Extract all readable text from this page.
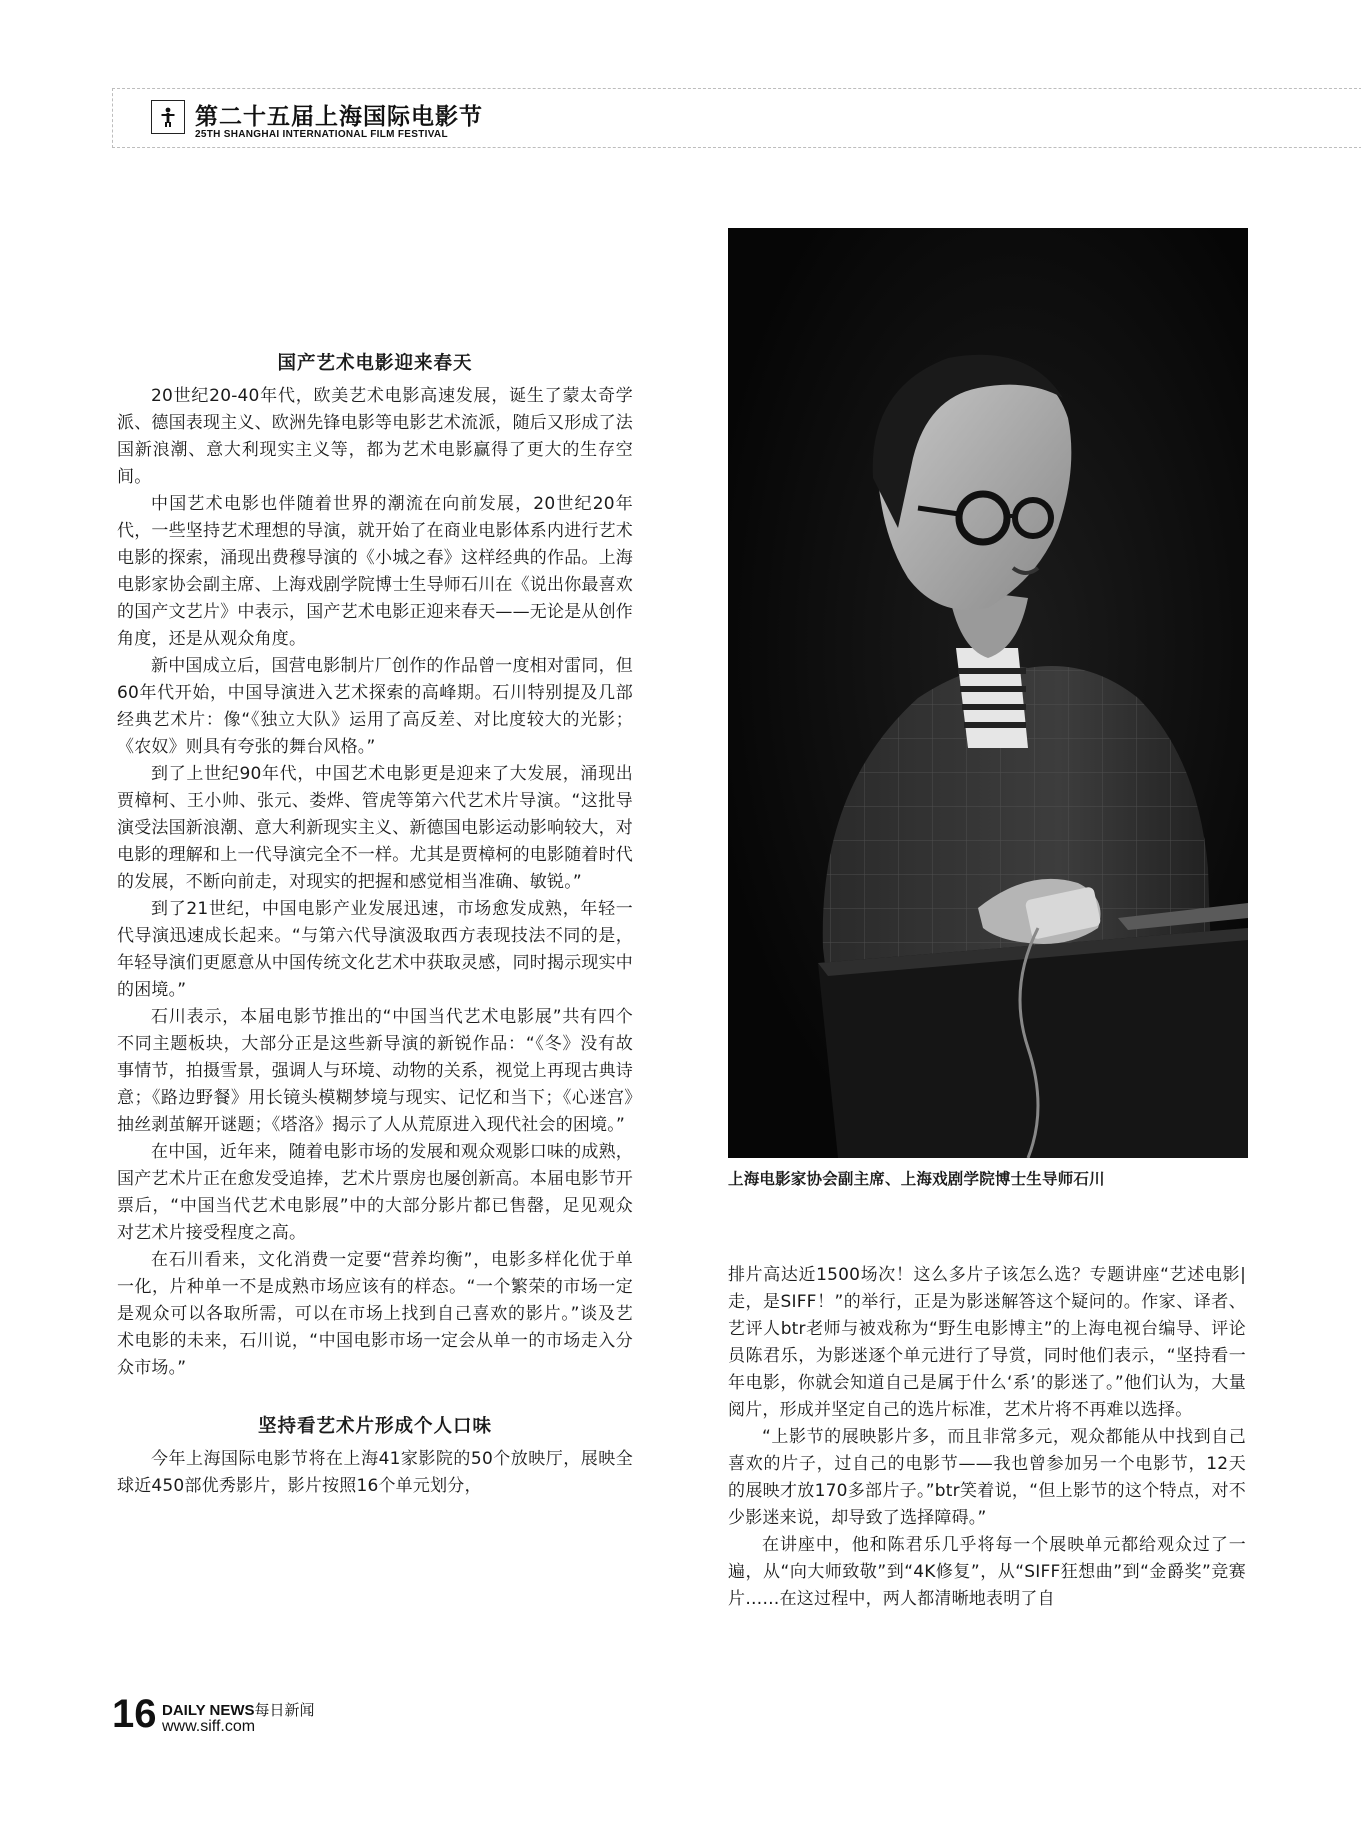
第二十五届上海国际电影节
25TH SHANGHAI INTERNATIONAL FILM FESTIVAL
国产艺术电影迎来春天

20世纪20-40年代，欧美艺术电影高速发展，诞生了蒙太奇学派、德国表现主义、欧洲先锋电影等电影艺术流派，随后又形成了法国新浪潮、意大利现实主义等，都为艺术电影赢得了更大的生存空间。

中国艺术电影也伴随着世界的潮流在向前发展，20世纪20年代，一些坚持艺术理想的导演，就开始了在商业电影体系内进行艺术电影的探索，涌现出费穆导演的《小城之春》这样经典的作品。上海电影家协会副主席、上海戏剧学院博士生导师石川在《说出你最喜欢的国产文艺片》中表示，国产艺术电影正迎来春天——无论是从创作角度，还是从观众角度。

新中国成立后，国营电影制片厂创作的作品曾一度相对雷同，但60年代开始，中国导演进入艺术探索的高峰期。石川特别提及几部经典艺术片：像“《独立大队》运用了高反差、对比度较大的光影；《农奴》则具有夸张的舞台风格。”

到了上世纪90年代，中国艺术电影更是迎来了大发展，涌现出贾樟柯、王小帅、张元、娄烨、管虎等第六代艺术片导演。“这批导演受法国新浪潮、意大利新现实主义、新德国电影运动影响较大，对电影的理解和上一代导演完全不一样。尤其是贾樟柯的电影随着时代的发展，不断向前走，对现实的把握和感觉相当准确、敏锐。”

到了21世纪，中国电影产业发展迅速，市场愈发成熟，年轻一代导演迅速成长起来。“与第六代导演汲取西方表现技法不同的是，年轻导演们更愿意从中国传统文化艺术中获取灵感，同时揭示现实中的困境。”

石川表示，本届电影节推出的“中国当代艺术电影展”共有四个不同主题板块，大部分正是这些新导演的新锐作品：“《冬》没有故事情节，拍摄雪景，强调人与环境、动物的关系，视觉上再现古典诗意；《路边野餐》用长镜头模糊梦境与现实、记忆和当下；《心迷宫》抽丝剥茧解开谜题；《塔洛》揭示了人从荒原进入现代社会的困境。”

在中国，近年来，随着电影市场的发展和观众观影口味的成熟，国产艺术片正在愈发受追捧，艺术片票房也屡创新高。本届电影节开票后，“中国当代艺术电影展”中的大部分影片都已售罄，足见观众对艺术片接受程度之高。

在石川看来，文化消费一定要“营养均衡”，电影多样化优于单一化，片种单一不是成熟市场应该有的样态。“一个繁荣的市场一定是观众可以各取所需，可以在市场上找到自己喜欢的影片。”谈及艺术电影的未来，石川说，“中国电影市场一定会从单一的市场走入分众市场。”

坚持看艺术片形成个人口味

今年上海国际电影节将在上海41家影院的50个放映厅，展映全球近450部优秀影片，影片按照16个单元划分，

上海电影家协会副主席、上海戏剧学院博士生导师石川

排片高达近1500场次！这么多片子该怎么选？专题讲座“艺述电影|走，是SIFF！”的举行，正是为影迷解答这个疑问的。作家、译者、艺评人btr老师与被戏称为“野生电影博主”的上海电视台编导、评论员陈君乐，为影迷逐个单元进行了导赏，同时他们表示，“坚持看一年电影，你就会知道自己是属于什么‘系’的影迷了。”他们认为，大量阅片，形成并坚定自己的选片标准，艺术片将不再难以选择。

“上影节的展映影片多，而且非常多元，观众都能从中找到自己喜欢的片子，过自己的电影节——我也曾参加另一个电影节，12天的展映才放170多部片子。”btr笑着说，“但上影节的这个特点，对不少影迷来说，却导致了选择障碍。”

在讲座中，他和陈君乐几乎将每一个展映单元都给观众过了一遍，从“向大师致敬”到“4K修复”，从“SIFF狂想曲”到“金爵奖”竞赛片……在这过程中，两人都清晰地表明了自

16 DAILY NEWS每日新闻
www.siff.com
